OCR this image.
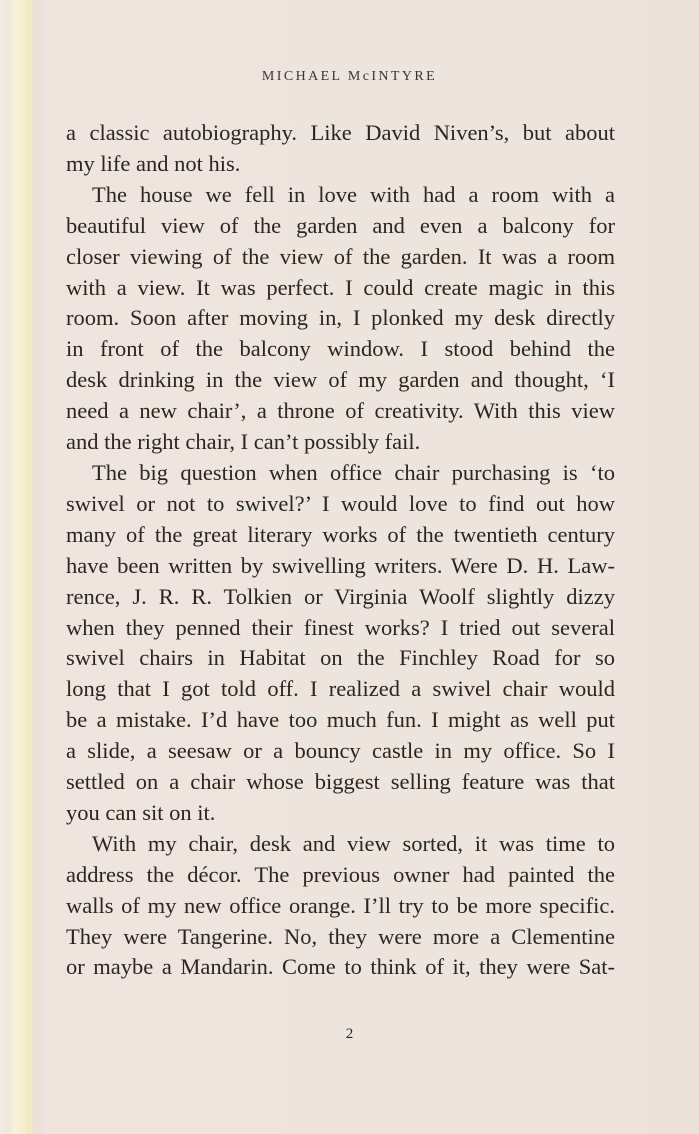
MICHAEL McINTYRE
a classic autobiography. Like David Niven’s, but about
my life and not his.
The house we fell in love with had a room with a
beautiful view of the garden and even a balcony for
closer viewing of the view of the garden. It was a room
with a view. It was perfect. I could create magic in this
room. Soon after moving in, I plonked my desk directly
in front of the balcony window. I stood behind the
desk drinking in the view of my garden and thought, ‘I
need a new chair’, a throne of creativity. With this view
and the right chair, I can’t possibly fail.
The big question when office chair purchasing is ‘to
swivel or not to swivel?’ I would love to find out how
many of the great literary works of the twentieth century
have been written by swivelling writers. Were D. H. Law-
rence, J. R. R. Tolkien or Virginia Woolf slightly dizzy
when they penned their finest works? I tried out several
swivel chairs in Habitat on the Finchley Road for so
long that I got told off. I realized a swivel chair would
be a mistake. I’d have too much fun. I might as well put
a slide, a seesaw or a bouncy castle in my office. So I
settled on a chair whose biggest selling feature was that
you can sit on it.
With my chair, desk and view sorted, it was time to
address the décor. The previous owner had painted the
walls of my new office orange. I’ll try to be more specific.
They were Tangerine. No, they were more a Clementine
or maybe a Mandarin. Come to think of it, they were Sat-
2
